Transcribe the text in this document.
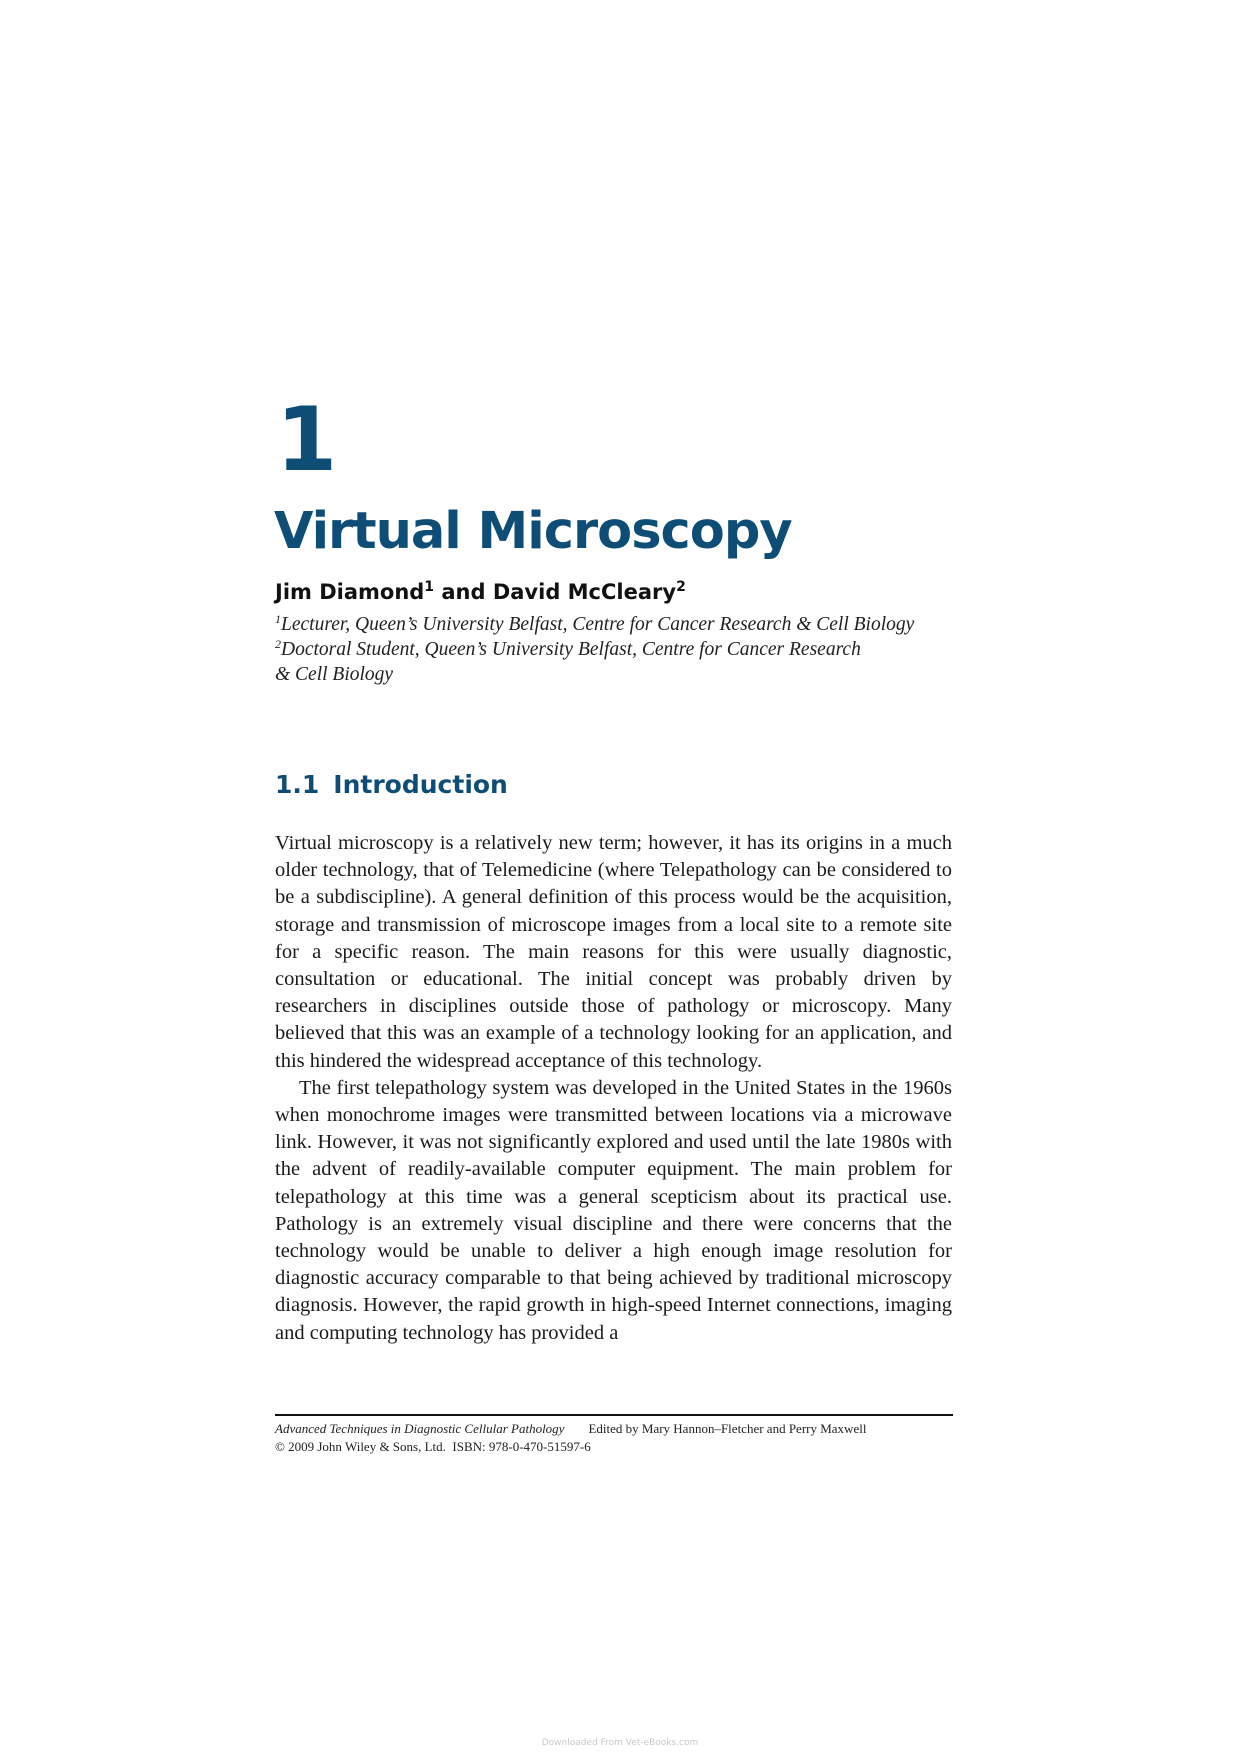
1
Virtual Microscopy
Jim Diamond$^1$ and David McCleary$^2$
$^1$Lecturer, Queen’s University Belfast, Centre for Cancer Research & Cell Biology
$^2$Doctoral Student, Queen’s University Belfast, Centre for Cancer Research
& Cell Biology
1.1 Introduction

Virtual microscopy is a relatively new term; however, it has its origins in a much older technology, that of Telemedicine (where Telepathology can be considered to be a subdiscipline). A general definition of this process would be the acquisition, storage and transmission of microscope images from a local site to a remote site for a specific reason. The main reasons for this were usually diagnostic, consultation or educational. The initial concept was probably driven by researchers in disciplines outside those of pathology or microscopy. Many believed that this was an example of a technology looking for an application, and this hindered the widespread acceptance of this technology.

The first telepathology system was developed in the United States in the 1960s when monochrome images were transmitted between locations via a microwave link. However, it was not significantly explored and used until the late 1980s with the advent of readily-available computer equipment. The main problem for telepathology at this time was a general scepticism about its practical use. Pathology is an extremely visual discipline and there were concerns that the technology would be unable to deliver a high enough image resolution for diagnostic accuracy comparable to that being achieved by traditional microscopy diagnosis. However, the rapid growth in high-speed Internet connections, imaging and computing technology has provided a

Advanced Techniques in Diagnostic Cellular Pathology Edited by Mary Hannon–Fletcher and Perry Maxwell
© 2009 John Wiley & Sons, Ltd.  ISBN: 978-0-470-51597-6
Downloaded From Vet-eBooks.com
